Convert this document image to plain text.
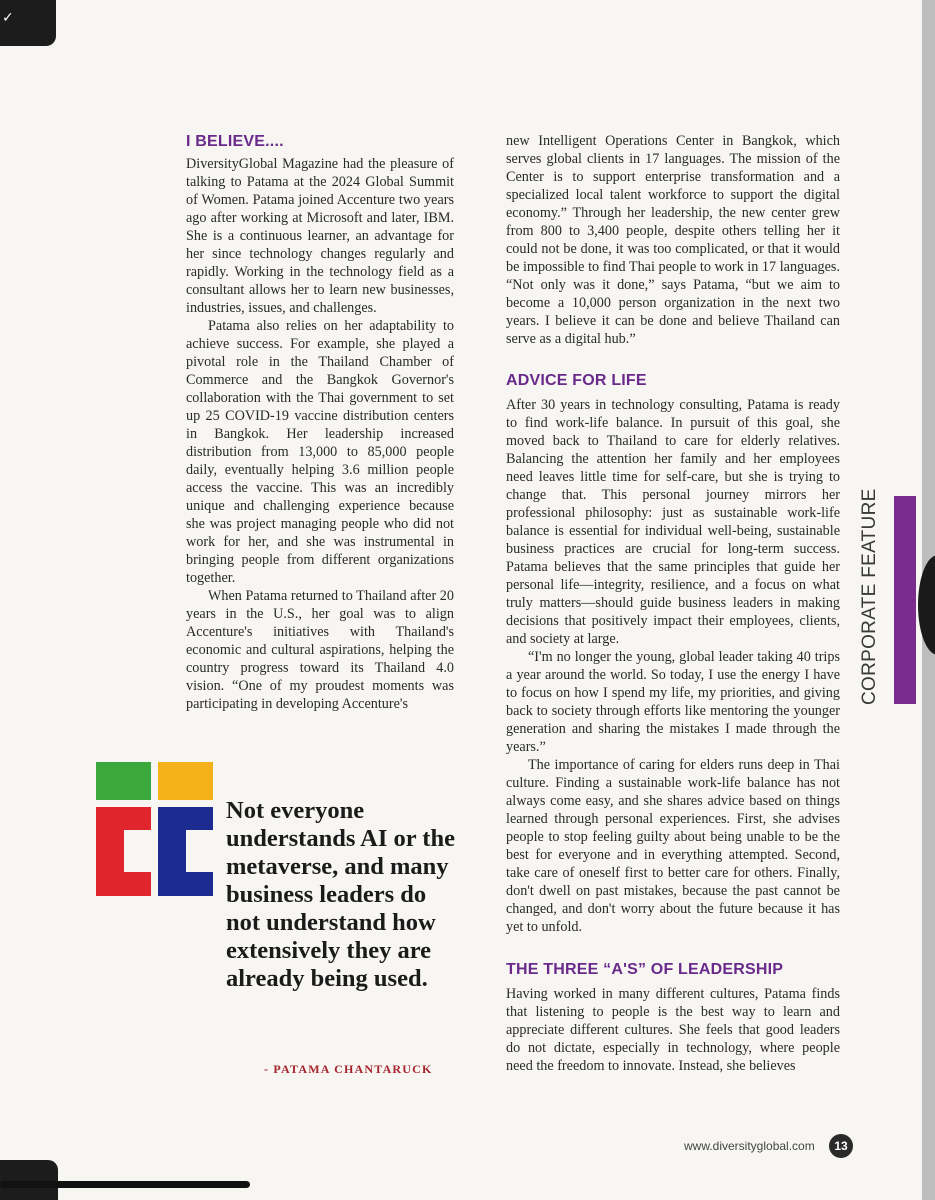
✓
I BELIEVE....

DiversityGlobal Magazine had the pleasure of talking to Patama at the 2024 Global Summit of Women. Patama joined Accenture two years ago after working at Microsoft and later, IBM. She is a continuous learner, an advantage for her since technology changes regularly and rapidly. Working in the technology field as a consultant allows her to learn new businesses, industries, issues, and challenges.

Patama also relies on her adaptability to achieve success. For example, she played a pivotal role in the Thailand Chamber of Commerce and the Bangkok Governor's collaboration with the Thai government to set up 25 COVID-19 vaccine distribution centers in Bangkok. Her leadership increased distribution from 13,000 to 85,000 people daily, eventually helping 3.6 million people access the vaccine. This was an incredibly unique and challenging experience because she was project managing people who did not work for her, and she was instrumental in bringing people from different organizations together.

When Patama returned to Thailand after 20 years in the U.S., her goal was to align Accenture's initiatives with Thailand's economic and cultural aspirations, helping the country progress toward its Thailand 4.0 vision. “One of my proudest moments was participating in developing Accenture's

new Intelligent Operations Center in Bangkok, which serves global clients in 17 languages. The mission of the Center is to support enterprise transformation and a specialized local talent workforce to support the digital economy.” Through her leadership, the new center grew from 800 to 3,400 people, despite others telling her it could not be done, it was too complicated, or that it would be impossible to find Thai people to work in 17 languages. “Not only was it done,” says Patama, “but we aim to become a 10,000 person organization in the next two years. I believe it can be done and believe Thailand can serve as a digital hub.”

ADVICE FOR LIFE

After 30 years in technology consulting, Patama is ready to find work-life balance. In pursuit of this goal, she moved back to Thailand to care for elderly relatives. Balancing the attention her family and her employees need leaves little time for self-care, but she is trying to change that. This personal journey mirrors her professional philosophy: just as sustainable work-life balance is essential for individual well-being, sustainable business practices are crucial for long-term success. Patama believes that the same principles that guide her personal life—integrity, resilience, and a focus on what truly matters—should guide business leaders in making decisions that positively impact their employees, clients, and society at large.

“I'm no longer the young, global leader taking 40 trips a year around the world. So today, I use the energy I have to focus on how I spend my life, my priorities, and giving back to society through efforts like mentoring the younger generation and sharing the mistakes I made through the years.”

The importance of caring for elders runs deep in Thai culture. Finding a sustainable work-life balance has not always come easy, and she shares advice based on things learned through personal experiences. First, she advises people to stop feeling guilty about being unable to be the best for everyone and in everything attempted. Second, take care of oneself first to better care for others. Finally, don't dwell on past mistakes, because the past cannot be changed, and don't worry about the future because it has yet to unfold.

THE THREE “A'S” OF LEADERSHIP

Having worked in many different cultures, Patama finds that listening to people is the best way to learn and appreciate different cultures. She feels that good leaders do not dictate, especially in technology, where people need the freedom to innovate. Instead, she believes

Not everyone understands AI or the metaverse, and many business leaders do not understand how extensively they are already being used.
- PATAMA CHANTARUCK
CORPORATE FEATURE
www.diversityglobal.com	13
